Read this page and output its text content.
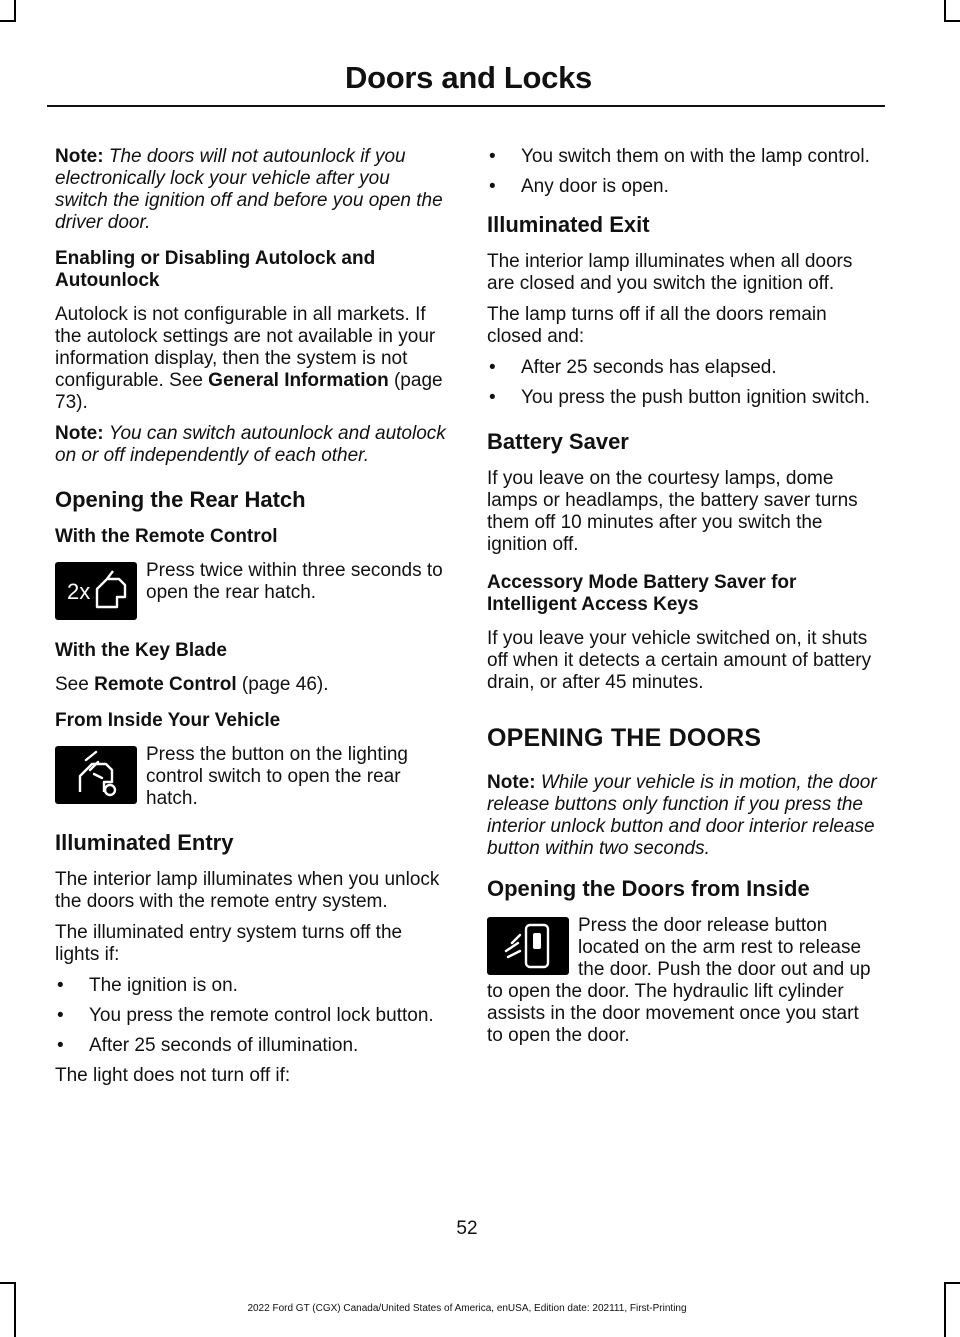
Doors and Locks

Note: The doors will not autounlock if you electronically lock your vehicle after you switch the ignition off and before you open the driver door.

Enabling or Disabling Autolock and Autounlock

Autolock is not configurable in all markets. If the autolock settings are not available in your information display, then the system is not configurable. See General Information (page 73).

Note: You can switch autounlock and autolock on or off independently of each other.

Opening the Rear Hatch
With the Remote Control
2x
Press twice within three seconds to open the rear hatch.
With the Key Blade

See Remote Control (page 46).

From Inside Your Vehicle
Press the button on the lighting control switch to open the rear hatch.
Illuminated Entry

The interior lamp illuminates when you unlock the doors with the remote entry system.

The illuminated entry system turns off the lights if:

• The ignition is on.
• You press the remote control lock button.
• After 25 seconds of illumination.

The light does not turn off if:

• You switch them on with the lamp control.
• Any door is open.
Illuminated Exit

The interior lamp illuminates when all doors are closed and you switch the ignition off.

The lamp turns off if all the doors remain closed and:

• After 25 seconds has elapsed.
• You press the push button ignition switch.
Battery Saver

If you leave on the courtesy lamps, dome lamps or headlamps, the battery saver turns them off 10 minutes after you switch the ignition off.

Accessory Mode Battery Saver for Intelligent Access Keys

If you leave your vehicle switched on, it shuts off when it detects a certain amount of battery drain, or after 45 minutes.

OPENING THE DOORS

Note: While your vehicle is in motion, the door release buttons only function if you press the interior unlock button and door interior release button within two seconds.

Opening the Doors from Inside
Press the door release button located on the arm rest to release the door. Push the door out and up to open the door. The hydraulic lift cylinder assists in the door movement once you start to open the door.
52
2022 Ford GT (CGX) Canada/United States of America, enUSA, Edition date: 202111, First-Printing
